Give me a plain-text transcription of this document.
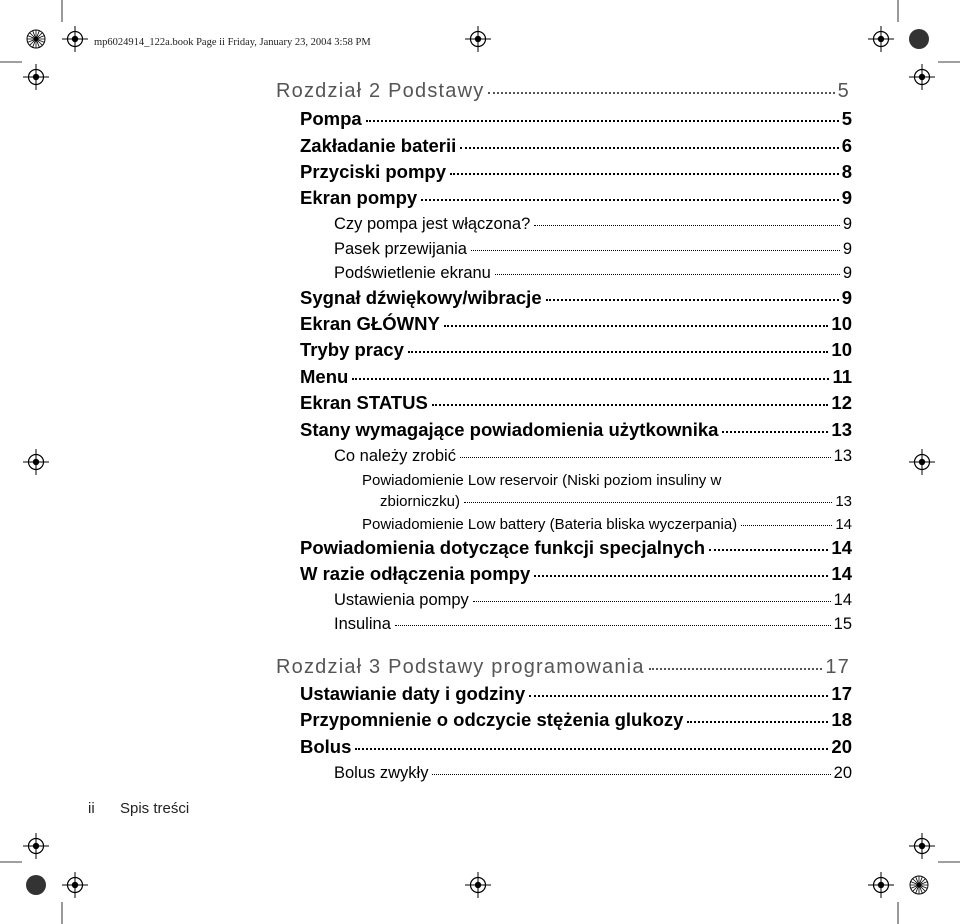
mp6024914_122a.book Page ii Friday, January 23, 2004 3:58 PM
Rozdział 2 Podstawy	5
Pompa	5
Zakładanie baterii	6
Przyciski pompy	8
Ekran pompy	9
Czy pompa jest włączona?	9
Pasek przewijania	9
Podświetlenie ekranu	9
Sygnał dźwiękowy/wibracje	9
Ekran GŁÓWNY	10
Tryby pracy	10
Menu	11
Ekran STATUS	12
Stany wymagające powiadomienia użytkownika	13
Co należy zrobić	13
Powiadomienie Low reservoir (Niski poziom insuliny w
zbiorniczku)	13
Powiadomienie Low battery (Bateria bliska wyczerpania)	14
Powiadomienia dotyczące funkcji specjalnych	14
W razie odłączenia pompy	14
Ustawienia pompy	14
Insulina	15
Rozdział 3 Podstawy programowania	17
Ustawianie daty i godziny	17
Przypomnienie o odczycie stężenia glukozy	18
Bolus	20
Bolus zwykły	20
ii Spis treści
